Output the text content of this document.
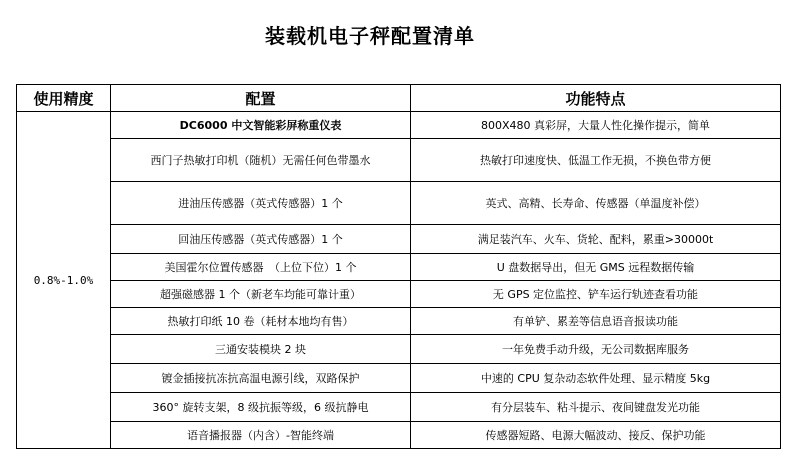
装载机电子秤配置清单
使用精度	配置	功能特点
0.8%-1.0%	DC6000 中文智能彩屏称重仪表	800X480 真彩屏，大量人性化操作提示，简单
	西门子热敏打印机（随机）无需任何色带墨水	热敏打印速度快、低温工作无损，不换色带方便
	进油压传感器（英式传感器）1 个	英式、高精、长寿命、传感器（单温度补偿）
	回油压传感器（英式传感器）1 个	满足装汽车、火车、货轮、配料，累重>30000t
	美国霍尔位置传感器　（上位下位）1 个	U 盘数据导出，但无 GMS 远程数据传输
	超强磁感器 1 个（新老车均能可靠计重）	无 GPS 定位监控、铲车运行轨迹查看功能
	热敏打印纸 10 卷（耗材本地均有售）	有单铲、累差等信息语音报读功能
	三通安装模块 2 块	一年免费手动升级，无公司数据库服务
	镀金插接抗冻抗高温电源引线，双路保护	中速的 CPU 复杂动态软件处理、显示精度 5kg
	360° 旋转支架，8 级抗振等级，6 级抗静电	有分层装车、粘斗提示、夜间键盘发光功能
	语音播报器（内含）-智能终端	传感器短路、电源大幅波动、接反、保护功能
